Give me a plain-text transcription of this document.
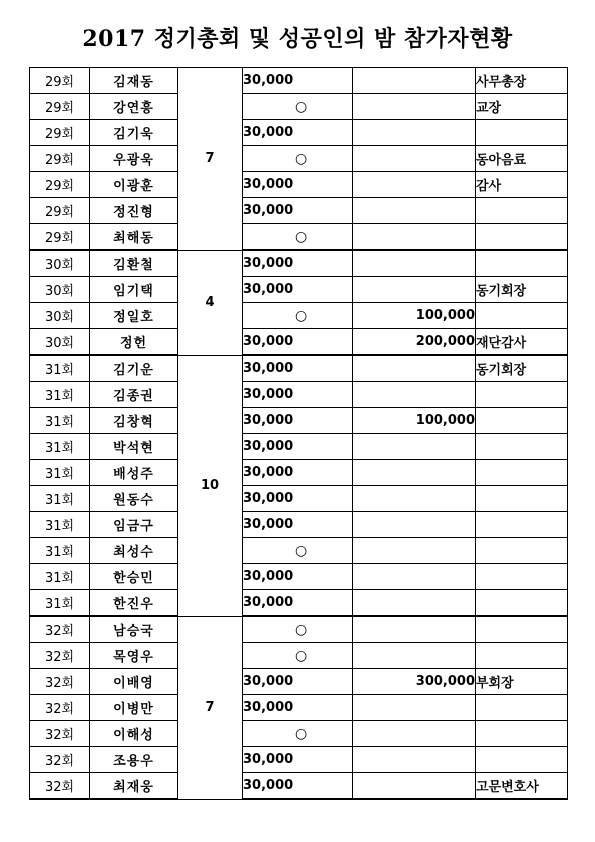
2017 정기총회 및 성공인의 밤 참가자현황
29회	김재동	7	30,000		사무총장
29회	강연흥		○		교장
29회	김기욱		30,000		
29회	우광욱		○		동아음료
29회	이광훈		30,000		감사
29회	정진형		30,000		
29회	최해동		○		
30회	김환철	4	30,000		
30회	임기택		30,000		동기회장
30회	정일호		○	100,000	
30회	정헌		30,000	200,000	재단감사
31회	김기운	10	30,000		동기회장
31회	김종권		30,000		
31회	김창혁		30,000	100,000	
31회	박석현		30,000		
31회	배성주		30,000		
31회	원동수		30,000		
31회	임금구		30,000		
31회	최성수		○		
31회	한승민		30,000		
31회	한진우		30,000		
32회	남승국	7	○		
32회	목영우		○		
32회	이배영		30,000	300,000	부회장
32회	이병만		30,000		
32회	이해성		○		
32회	조용우		30,000		
32회	최재웅		30,000		고문변호사
